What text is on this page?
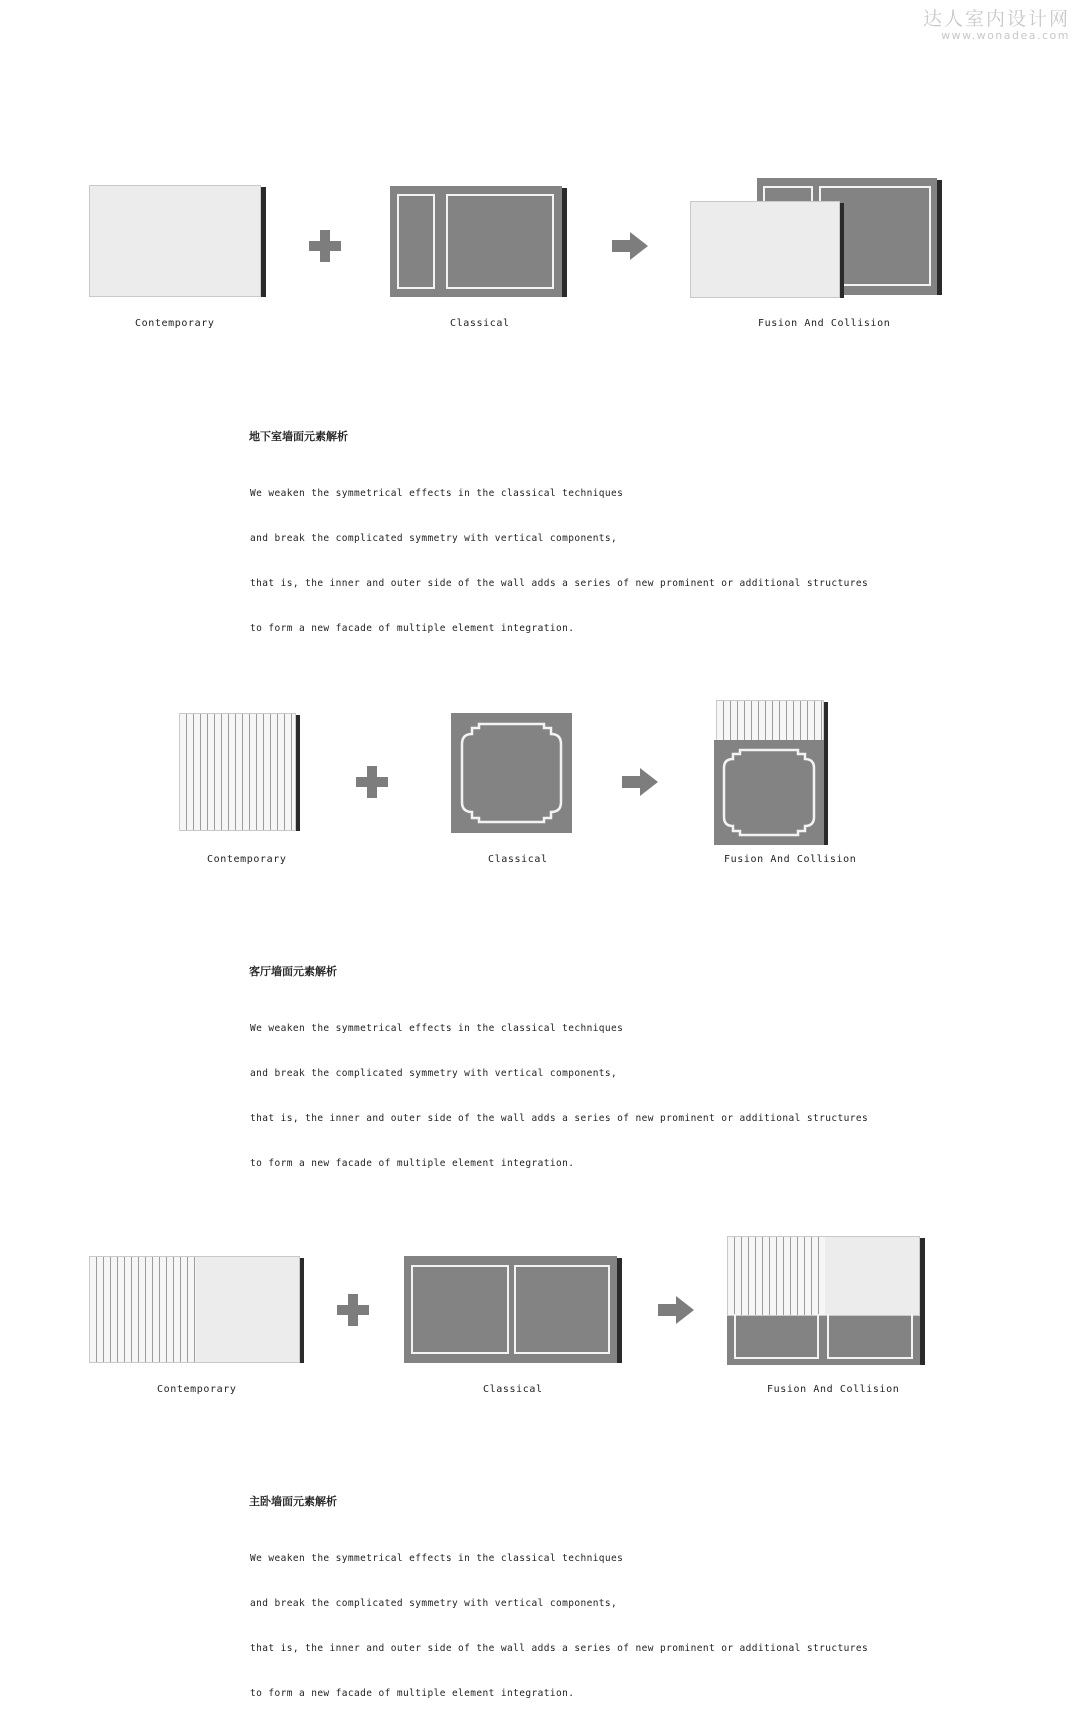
达人室内设计网
www.wonadea.com
Contemporary	Classical	Fusion And Collision
地下室墙面元素解析

We weaken the symmetrical effects in the classical techniques

and break the complicated symmetry with vertical components,

that is, the inner and outer side of the wall adds a series of new prominent or additional structures

to form a new facade of multiple element integration.

Contemporary	Classical	Fusion And Collision
客厅墙面元素解析

We weaken the symmetrical effects in the classical techniques

and break the complicated symmetry with vertical components,

that is, the inner and outer side of the wall adds a series of new prominent or additional structures

to form a new facade of multiple element integration.

Contemporary	Classical	Fusion And Collision
主卧墙面元素解析

We weaken the symmetrical effects in the classical techniques

and break the complicated symmetry with vertical components,

that is, the inner and outer side of the wall adds a series of new prominent or additional structures

to form a new facade of multiple element integration.
